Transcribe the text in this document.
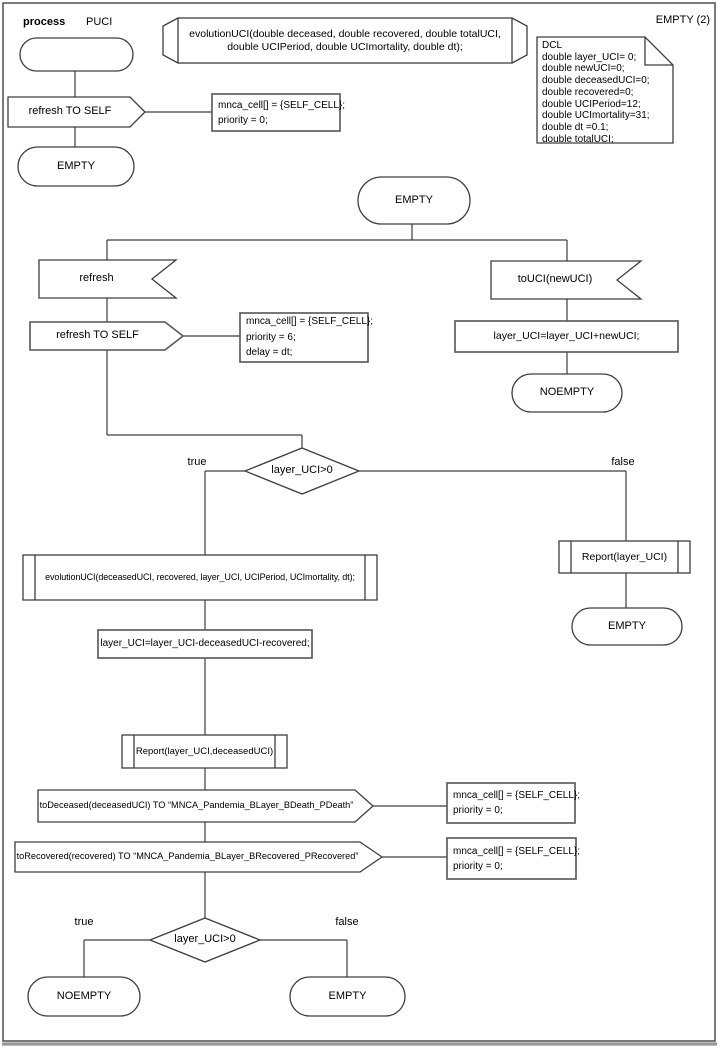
process	PUCI	EMPTY (2)
evolutionUCI(double deceased, double recovered, double totalUCI,
double UCIPeriod, double UCImortality, double dt);	DCL
double layer_UCI= 0;
double newUCI=0;
double deceasedUCI=0;
double recovered=0;
double UCIPeriod=12;
double UCImortality=31;
double dt =0.1;
double totalUCI;
refresh TO SELF
mnca_cell[] = {SELF_CELL};
priority = 0;
EMPTY
EMPTY
refresh	toUCI(newUCI)
refresh TO SELF
mnca_cell[] = {SELF_CELL};
priority = 6;
delay = dt;
layer_UCI=layer_UCI+newUCI;
NOEMPTY
layer_UCI>0
true	false
evolutionUCI(deceasedUCI, recovered, layer_UCI, UCIPeriod, UCImortality, dt);
layer_UCI=layer_UCI-deceasedUCI-recovered;
Report(layer_UCI,deceasedUCI)
toDeceased(deceasedUCI) TO “MNCA_Pandemia_BLayer_BDeath_PDeath”
mnca_cell[] = {SELF_CELL};
priority = 0;
toRecovered(recovered) TO “MNCA_Pandemia_BLayer_BRecovered_PRecovered”	mnca_cell[] = {SELF_CELL};
priority = 0;
layer_UCI>0
true	false
NOEMPTY	EMPTY
Report(layer_UCI)
EMPTY
